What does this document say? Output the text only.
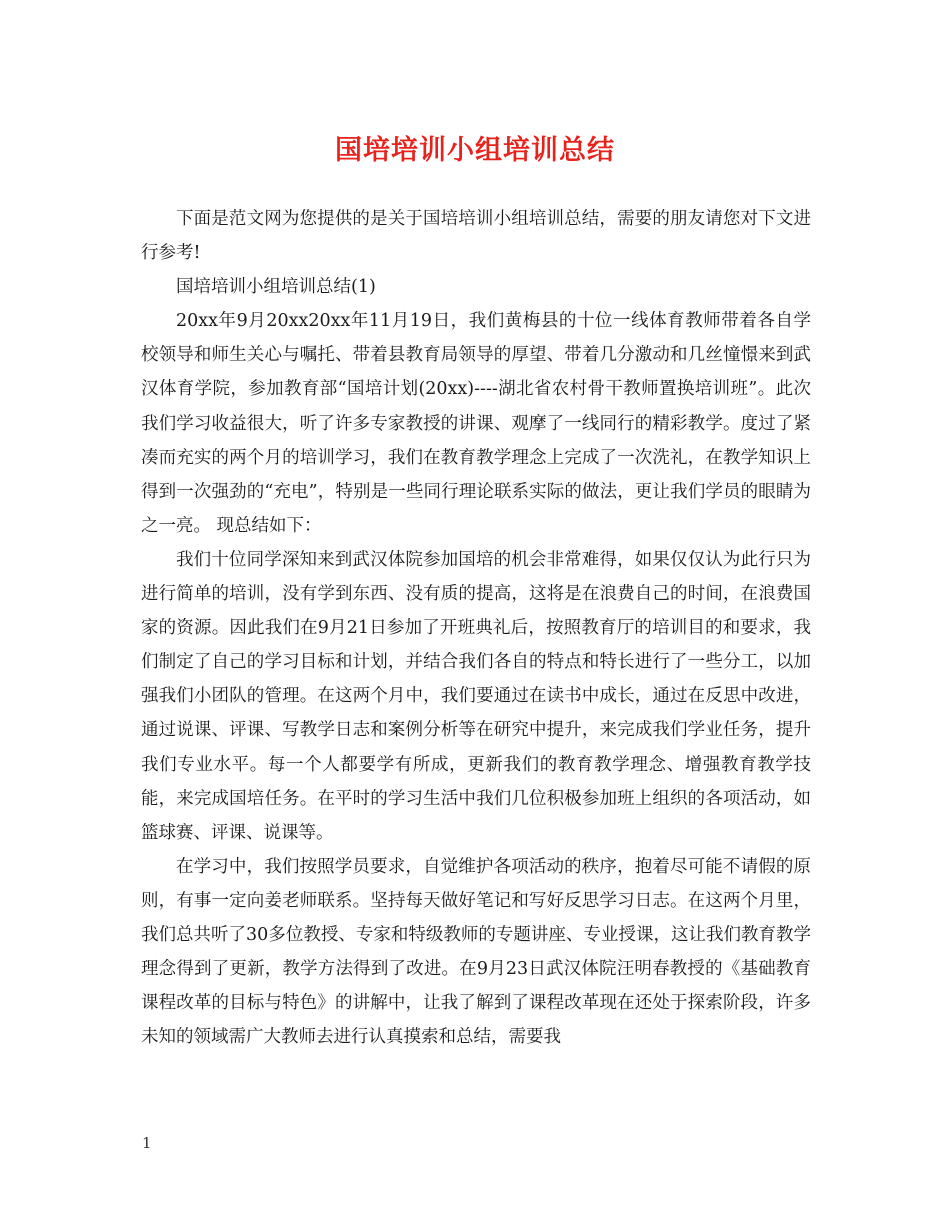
国培培训小组培训总结

下面是范文网为您提供的是关于国培培训小组培训总结，需要的朋友请您对下文进行参考!

国培培训小组培训总结(1)

20xx年9月20xx20xx年11月19日，我们黄梅县的十位一线体育教师带着各自学校领导和师生关心与嘱托、带着县教育局领导的厚望、带着几分激动和几丝憧憬来到武汉体育学院，参加教育部“国培计划(20xx)----湖北省农村骨干教师置换培训班”。此次我们学习收益很大，听了许多专家教授的讲课、观摩了一线同行的精彩教学。度过了紧凑而充实的两个月的培训学习，我们在教育教学理念上完成了一次洗礼，在教学知识上得到一次强劲的“充电”，特别是一些同行理论联系实际的做法，更让我们学员的眼睛为之一亮。 现总结如下：

我们十位同学深知来到武汉体院参加国培的机会非常难得，如果仅仅认为此行只为进行简单的培训，没有学到东西、没有质的提高，这将是在浪费自己的时间，在浪费国家的资源。因此我们在9月21日参加了开班典礼后，按照教育厅的培训目的和要求，我们制定了自己的学习目标和计划，并结合我们各自的特点和特长进行了一些分工，以加强我们小团队的管理。在这两个月中，我们要通过在读书中成长，通过在反思中改进，通过说课、评课、写教学日志和案例分析等在研究中提升，来完成我们学业任务，提升我们专业水平。每一个人都要学有所成，更新我们的教育教学理念、增强教育教学技能，来完成国培任务。在平时的学习生活中我们几位积极参加班上组织的各项活动，如篮球赛、评课、说课等。

在学习中，我们按照学员要求，自觉维护各项活动的秩序，抱着尽可能不请假的原则，有事一定向姜老师联系。坚持每天做好笔记和写好反思学习日志。在这两个月里，我们总共听了30多位教授、专家和特级教师的专题讲座、专业授课，这让我们教育教学理念得到了更新，教学方法得到了改进。在9月23日武汉体院汪明春教授的《基础教育课程改革的目标与特色》的讲解中，让我了解到了课程改革现在还处于探索阶段，许多未知的领域需广大教师去进行认真摸索和总结，需要我

1
